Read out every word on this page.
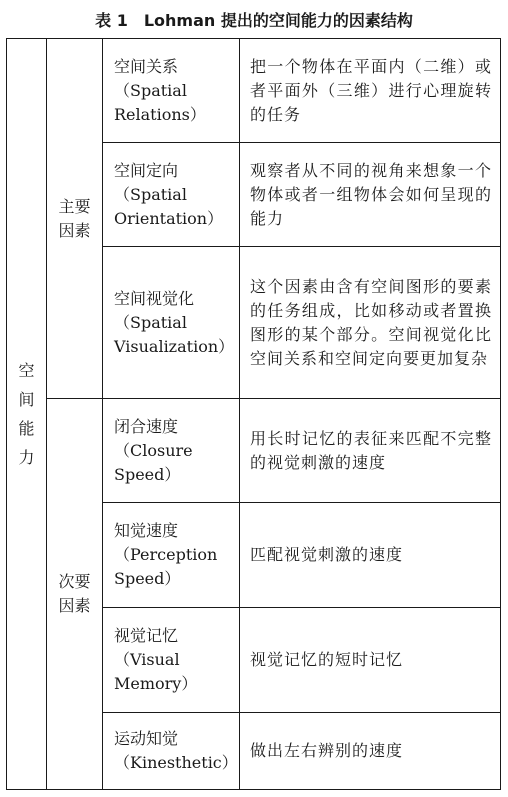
表 1　Lohman 提出的空间能力的因素结构
空
间
能
力	主要
因素	空间关系
（Spatial
Relations）	把一个物体在平面内（二维）或者平面外（三维）进行心理旋转的任务

		空间定向
（Spatial
Orientation）	观察者从不同的视角来想象一个物体或者一组物体会如何呈现的能力

		空间视觉化
（Spatial
Visualization）	这个因素由含有空间图形的要素的任务组成，比如移动或者置换图形的某个部分。空间视觉化比空间关系和空间定向要更加复杂

	次要
因素	闭合速度
（Closure
Speed）	用长时记忆的表征来匹配不完整的视觉刺激的速度

		知觉速度
（Perception
Speed）	匹配视觉刺激的速度

		视觉记忆
（Visual
Memory）	视觉记忆的短时记忆

		运动知觉
（Kinesthetic）	做出左右辨别的速度
